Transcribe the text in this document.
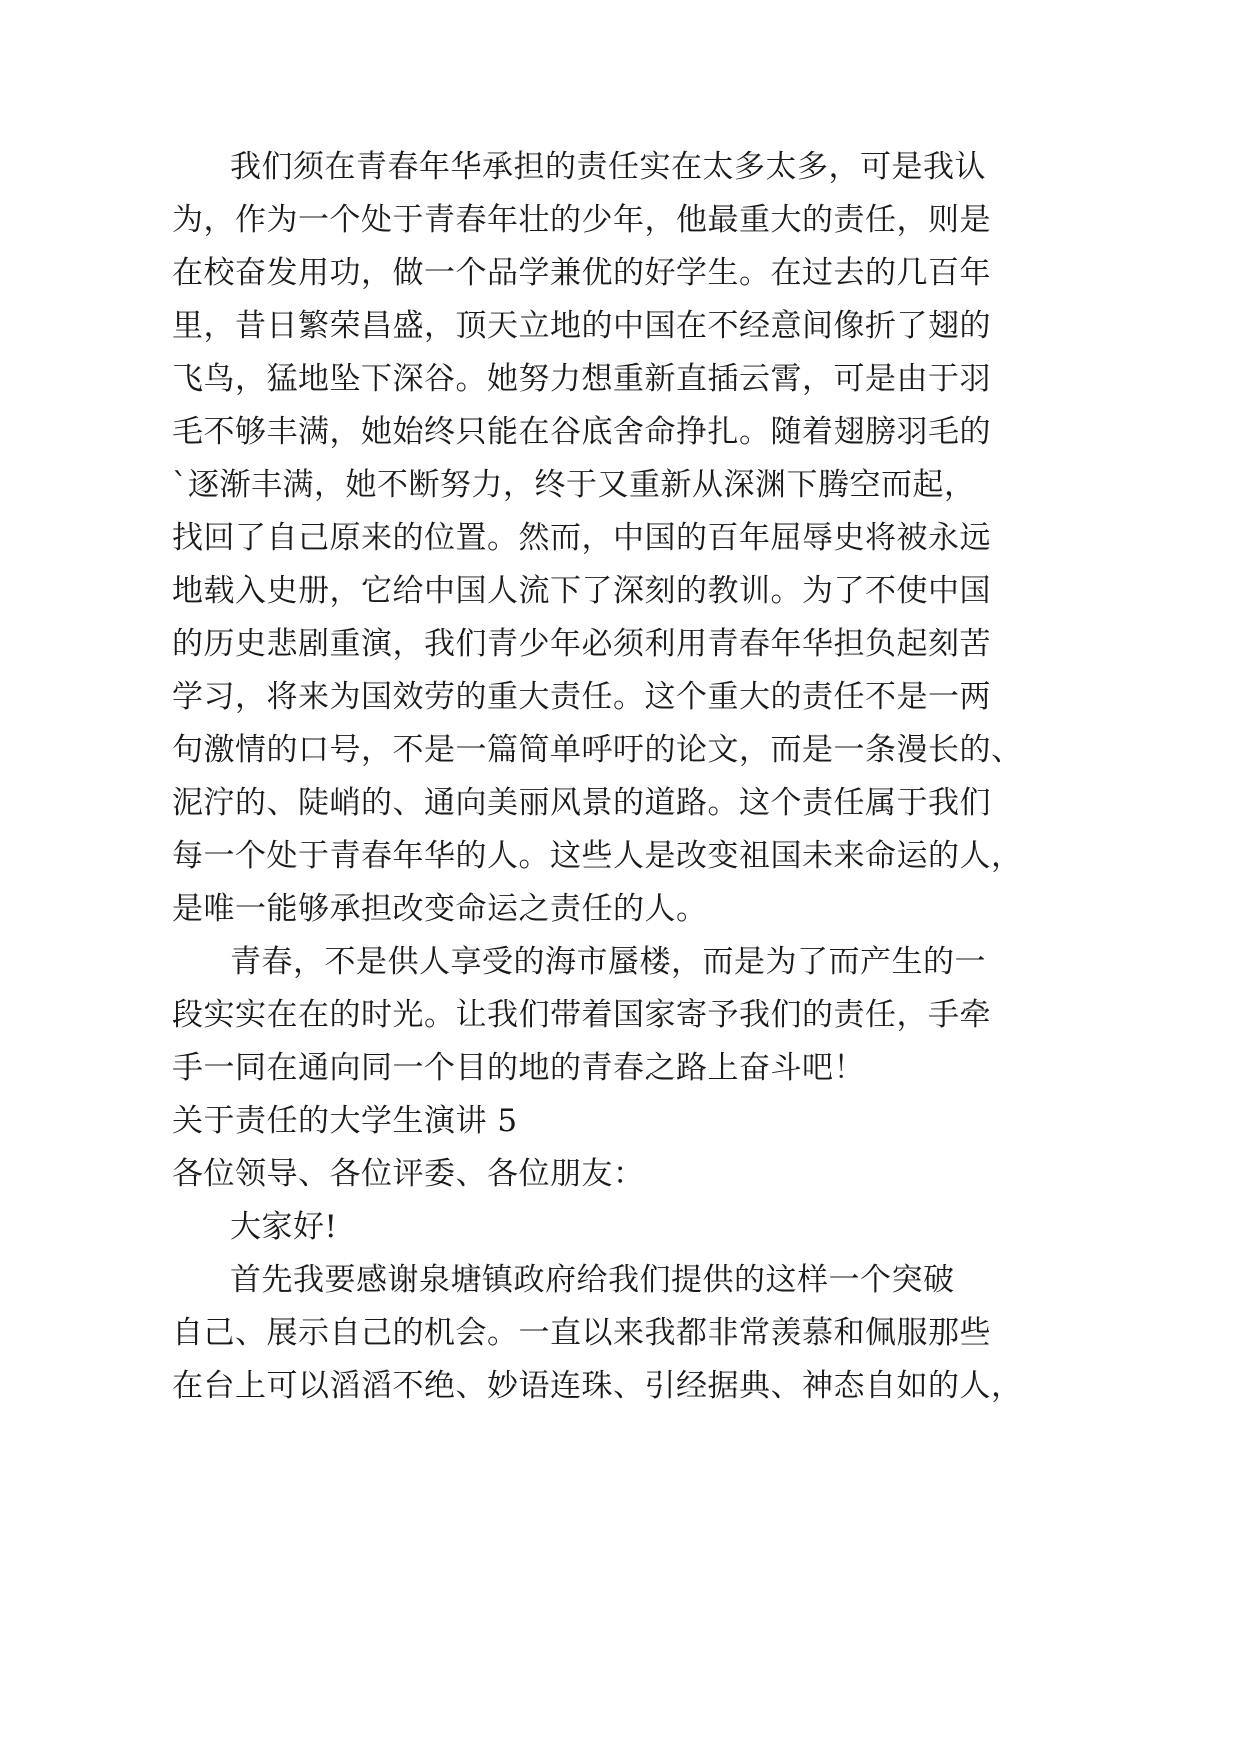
我 们 须 在 青 春 年 华 承 担 的 责 任 实 在 太 多 太 多 ， 可 是 我 认
为 ， 作 为 一 个 处 于 青 春 年 壮 的 少 年 ， 他 最 重 大 的 责 任 ， 则 是
在 校 奋 发 用 功 ， 做 一 个 品 学 兼 优 的 好 学 生 。 在 过 去 的 几 百 年
里 ， 昔 日 繁 荣 昌 盛 ， 顶 天 立 地 的 中 国 在 不 经 意 间 像 折 了 翅 的
飞 鸟 ， 猛 地 坠 下 深 谷 。 她 努 力 想 重 新 直 插 云 霄 ， 可 是 由 于 羽
毛 不 够 丰 满 ， 她 始 终 只 能 在 谷 底 舍 命 挣 扎 。 随 着 翅 膀 羽 毛 的
` 逐 渐 丰 满 ， 她 不 断 努 力 ， 终 于 又 重 新 从 深 渊 下 腾 空 而 起 ，
找 回 了 自 己 原 来 的 位 置 。 然 而 ， 中 国 的 百 年 屈 辱 史 将 被 永 远
地 载 入 史 册 ， 它 给 中 国 人 流 下 了 深 刻 的 教 训 。 为 了 不 使 中 国
的 历 史 悲 剧 重 演 ， 我 们 青 少 年 必 须 利 用 青 春 年 华 担 负 起 刻 苦
学 习 ， 将 来 为 国 效 劳 的 重 大 责 任 。 这 个 重 大 的 责 任 不 是 一 两
句 激 情 的 口 号 ， 不 是 一 篇 简 单 呼 吁 的 论 文 ， 而 是 一 条 漫 长 的 、
泥 泞 的 、 陡 峭 的 、 通 向 美 丽 风 景 的 道 路 。 这 个 责 任 属 于 我 们
每 一 个 处 于 青 春 年 华 的 人 。 这 些 人 是 改 变 祖 国 未 来 命 运 的 人 ，
是唯一能够承担改变命运之责任的人。
青 春 ， 不 是 供 人 享 受 的 海 市 蜃 楼 ， 而 是 为 了 而 产 生 的 一
段 实 实 在 在 的 时 光 。 让 我 们 带 着 国 家 寄 予 我 们 的 责 任 ， 手 牵
手一同在通向同一个目的地的青春之路上奋斗吧！
关于责任的大学生演讲 5
各位领导、各位评委、各位朋友：
大家好!
首 先 我 要 感 谢 泉 塘 镇 政 府 给 我 们 提 供 的 这 样 一 个 突 破
自 己 、 展 示 自 己 的 机 会 。 一 直 以 来 我 都 非 常 羡 慕 和 佩 服 那 些
在 台 上 可 以 滔 滔 不 绝 、 妙 语 连 珠 、 引 经 据 典 、 神 态 自 如 的 人 ，
